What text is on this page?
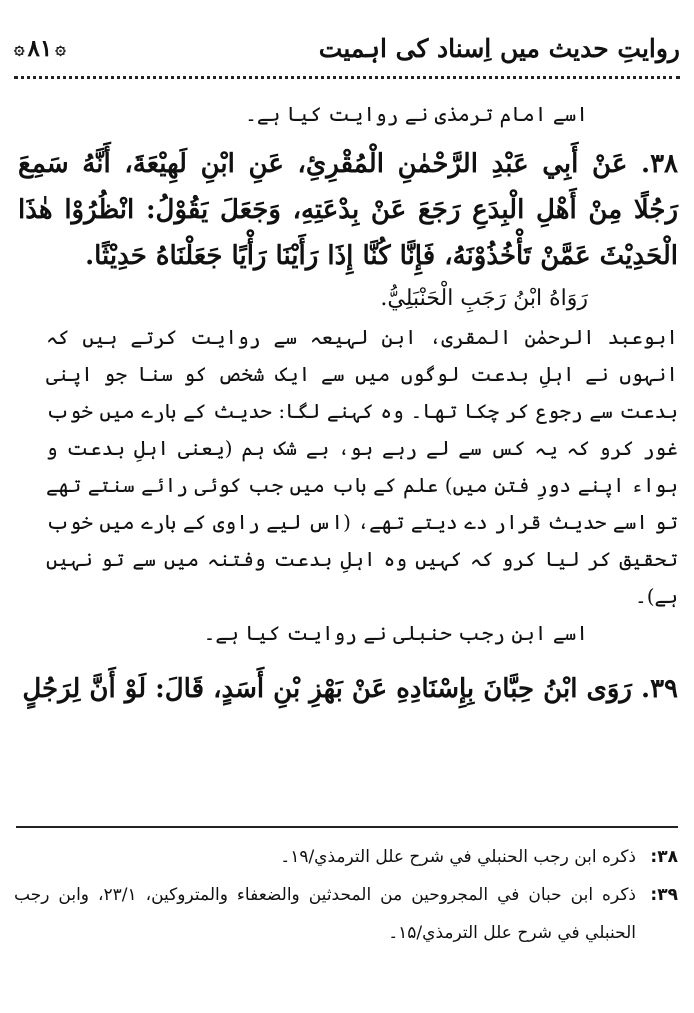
روایتِ حدیث میں اِسناد کی اہمیت
۞ ۸۱ ۞

اسے امام ترمذی نے روایت کیا ہے۔

۳۸. عَنْ أَبِي عَبْدِ الرَّحْمٰنِ الْمُقْرِئِ، عَنِ ابْنِ لَهِيْعَةَ، أَنَّهُ سَمِعَ رَجُلًا مِنْ أَهْلِ الْبِدَعِ رَجَعَ عَنْ بِدْعَتِهِ، وَجَعَلَ يَقُوْلُ: انْظُرُوْا هٰذَا الْحَدِيْثَ عَمَّنْ تَأْخُذُوْنَهُ، فَإِنَّا كُنَّا إِذَا رَأَيْنَا رَأْيًا جَعَلْنَاهُ حَدِيْثًا.

رَوَاهُ ابْنُ رَجَبِ الْحَنْبَلِيُّ.

ابوعبد الرحمٰن المقری، ابن لہیعہ سے روایت کرتے ہیں کہ انہوں نے اہلِ بدعت لوگوں میں سے ایک شخص کو سنا جو اپنی بدعت سے رجوع کر چکا تھا۔ وہ کہنے لگا: حدیث کے بارے میں خوب غور کرو کہ یہ کس سے لے رہے ہو، بے شک ہم (یعنی اہلِ بدعت و ہواء اپنے دورِ فتن میں) علم کے باب میں جب کوئی رائے سنتے تھے تو اسے حدیث قرار دے دیتے تھے، (اس لیے راوی کے بارے میں خوب تحقیق کر لیا کرو کہ کہیں وہ اہلِ بدعت وفتنہ میں سے تو نہیں ہے)۔

اسے ابن رجب حنبلی نے روایت کیا ہے۔

۳۹. رَوَى ابْنُ حِبَّانَ بِإِسْنَادِهِ عَنْ بَهْزِ بْنِ أَسَدٍ، قَالَ: لَوْ أَنَّ لِرَجُلٍ

۳۸:
ذكره ابن رجب الحنبلي في شرح علل الترمذي/۱۹۔
۳۹:
ذكره ابن حبان في المجروحين من المحدثين والضعفاء والمتروكين، ۲۳/۱، وابن رجب الحنبلي في شرح علل الترمذي/۱۵۔
